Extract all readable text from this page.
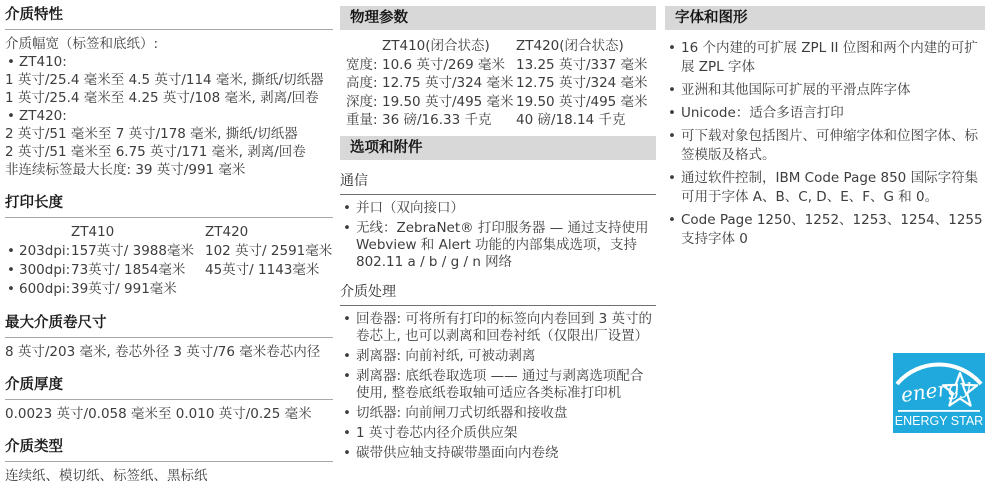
介质特性
介质幅宽（标签和底纸）:
• ZT410:
1 英寸/25.4 毫米至 4.5 英寸/114 毫米, 撕纸/切纸器
1 英寸/25.4 毫米至 4.25 英寸/108 毫米, 剥离/回卷
• ZT420:
2 英寸/51 毫米至 7 英寸/178 毫米, 撕纸/切纸器
2 英寸/51 毫米至 6.75 英寸/171 毫米, 剥离/回卷
非连续标签最大长度: 39 英寸/991 毫米
打印长度
ZT410	ZT420
• 203dpi: 157英寸/ 3988毫米 102 英寸/ 2591毫米
• 300dpi: 73英寸/ 1854毫米	45英寸/ 1143毫米
• 600dpi: 39英寸/ 991毫米
最大介质卷尺寸
8 英寸/203 毫米, 卷芯外径 3 英寸/76 毫米卷芯内径
介质厚度
0.0023 英寸/0.058 毫米至 0.010 英寸/0.25 毫米
介质类型
连续纸、模切纸、标签纸、黑标纸
物理参数
ZT410(闭合状态)	ZT420(闭合状态)
宽度: 10.6 英寸/269 毫米 13.25 英寸/337 毫米
高度: 12.75 英寸/324 毫米 12.75 英寸/324 毫米
深度: 19.50 英寸/495 毫米 19.50 英寸/495 毫米
重量: 36 磅/16.33 千克	40 磅/18.14 千克
选项和附件
通信
• 并口（双向接口）
• 无线：ZebraNet® 打印服务器 — 通过支持使用 Webview 和 Alert 功能的内部集成选项，支持 802.11 a / b / g / n 网络
介质处理
• 回卷器: 可将所有打印的标签向内卷回到 3 英寸的卷芯上, 也可以剥离和回卷衬纸（仅限出厂设置）
• 剥离器: 向前衬纸, 可被动剥离
• 剥离器: 底纸卷取选项 —— 通过与剥离选项配合使用, 整卷底纸卷取轴可适应各类标准打印机
• 切纸器: 向前闸刀式切纸器和接收盘
• 1 英寸卷芯内径介质供应架
• 碳带供应轴支持碳带墨面向内卷绕
字体和图形
• 16 个内建的可扩展 ZPL II 位图和两个内建的可扩展 ZPL 字体
• 亚洲和其他国际可扩展的平滑点阵字体
• Unicode：适合多语言打印
• 可下载对象包括图片、可伸缩字体和位图字体、标签模版及格式。
• 通过软件控制，IBM Code Page 850 国际字符集可用于字体 A、B、C, D、E、F、G 和 0。
• Code Page 1250、1252、1253、1254、1255 支持字体 0
energy
ENERGY STAR
